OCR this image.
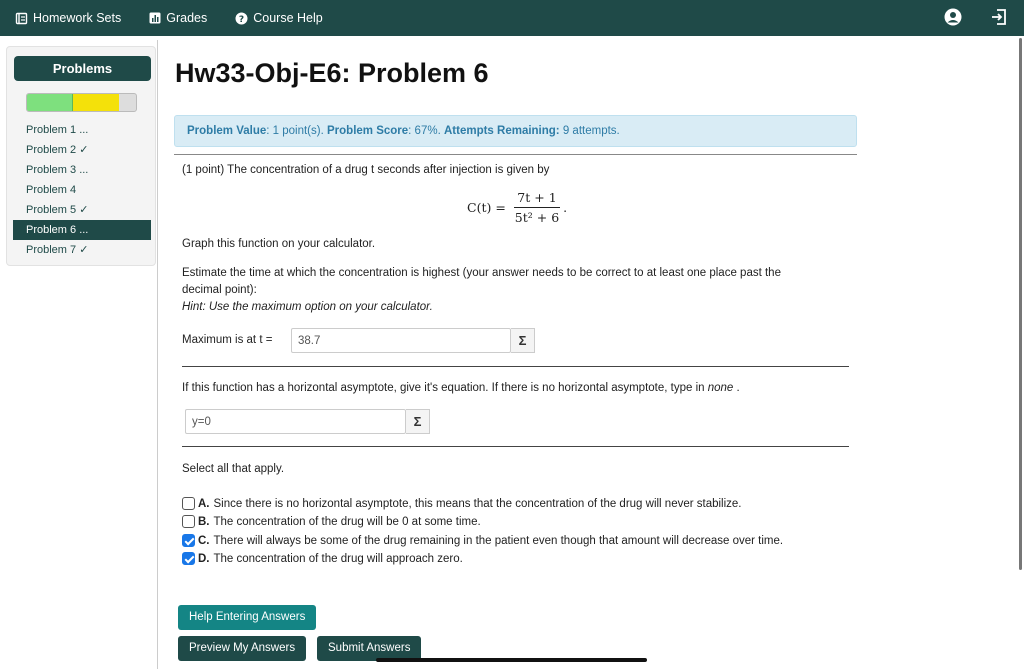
Homework Sets	Grades	? Course Help
Problems
Problem 1 ...
Problem 2 ✓
Problem 3 ...
Problem 4
Problem 5 ✓
Problem 6 ...
Problem 7 ✓
Hw33-Obj-E6: Problem 6
Problem Value: 1 point(s). Problem Score: 67%. Attempts Remaining: 9 attempts.
(1 point) The concentration of a drug t seconds after injection is given by
$C(t) = \frac{7t + 1}{\text{5t² + 6}}$ .
Graph this function on your calculator.
Estimate the time at which the concentration is highest (your answer needs to be correct to at least one place past the
decimal point):
Hint: Use the maximum option on your calculator.
Maximum is at t =
38.7	Σ
If this function has a horizontal asymptote, give it's equation. If there is no horizontal asymptote, type in none .
y=0
Σ
Select all that apply.
A. Since there is no horizontal asymptote, this means that the concentration of the drug will never stabilize.
B. The concentration of the drug will be 0 at some time.
C. There will always be some of the drug remaining in the patient even though that amount will decrease over time.
D. The concentration of the drug will approach zero.
Help Entering Answers
Preview My Answers	Submit Answers
